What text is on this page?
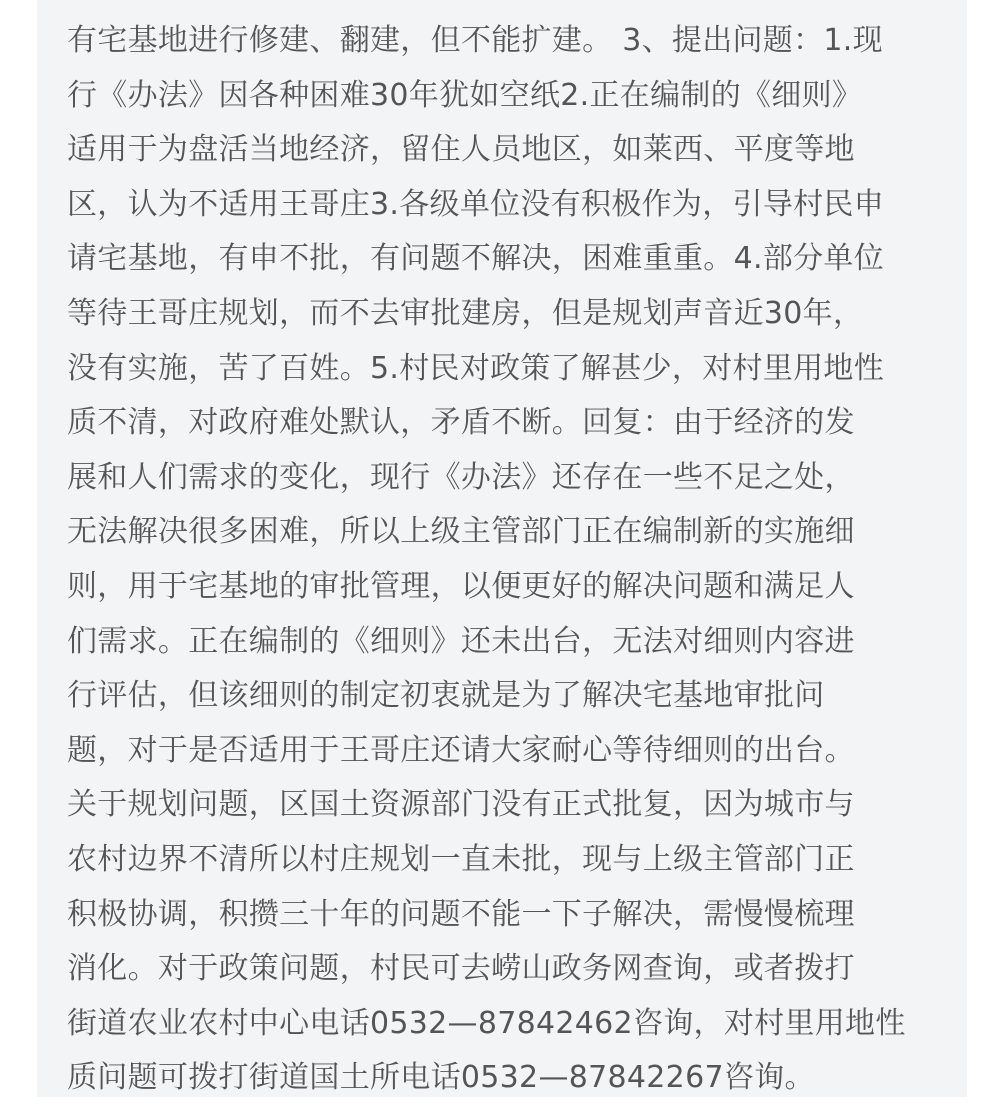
有宅基地进行修建、翻建，但不能扩建。 3、提出问题：1.现
行《办法》因各种困难30年犹如空纸2.正在编制的《细则》
适用于为盘活当地经济，留住人员地区，如莱西、平度等地
区，认为不适用王哥庄3.各级单位没有积极作为，引导村民申
请宅基地，有申不批，有问题不解决，困难重重。4.部分单位
等待王哥庄规划，而不去审批建房，但是规划声音近30年，
没有实施，苦了百姓。5.村民对政策了解甚少，对村里用地性
质不清，对政府难处默认，矛盾不断。回复：由于经济的发
展和人们需求的变化，现行《办法》还存在一些不足之处，
无法解决很多困难，所以上级主管部门正在编制新的实施细
则，用于宅基地的审批管理，以便更好的解决问题和满足人
们需求。正在编制的《细则》还未出台，无法对细则内容进
行评估，但该细则的制定初衷就是为了解决宅基地审批问
题，对于是否适用于王哥庄还请大家耐心等待细则的出台。
关于规划问题，区国土资源部门没有正式批复，因为城市与
农村边界不清所以村庄规划一直未批，现与上级主管部门正
积极协调，积攒三十年的问题不能一下子解决，需慢慢梳理
消化。对于政策问题，村民可去崂山政务网查询，或者拨打
街道农业农村中心电话0532—87842462咨询，对村里用地性
质问题可拨打街道国土所电话0532—87842267咨询。
